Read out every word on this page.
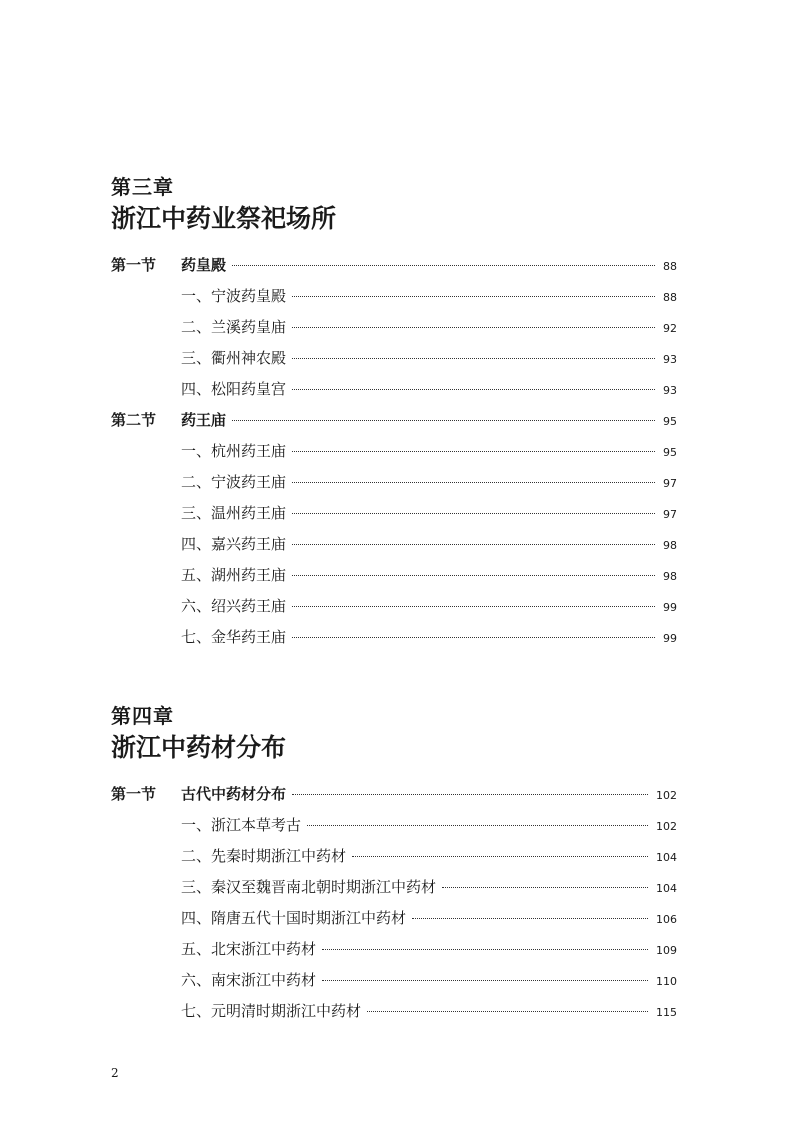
第三章
浙江中药业祭祀场所
第一节	药皇殿	88
一、宁波药皇殿	88
二、兰溪药皇庙	92
三、衢州神农殿	93
四、松阳药皇宫	93
第二节	药王庙	95
一、杭州药王庙	95
二、宁波药王庙	97
三、温州药王庙	97
四、嘉兴药王庙	98
五、湖州药王庙	98
六、绍兴药王庙	99
七、金华药王庙	99
第四章
浙江中药材分布
第一节	古代中药材分布	102
一、浙江本草考古	102
二、先秦时期浙江中药材	104
三、秦汉至魏晋南北朝时期浙江中药材	104
四、隋唐五代十国时期浙江中药材	106
五、北宋浙江中药材	109
六、南宋浙江中药材	110
七、元明清时期浙江中药材	115
2
